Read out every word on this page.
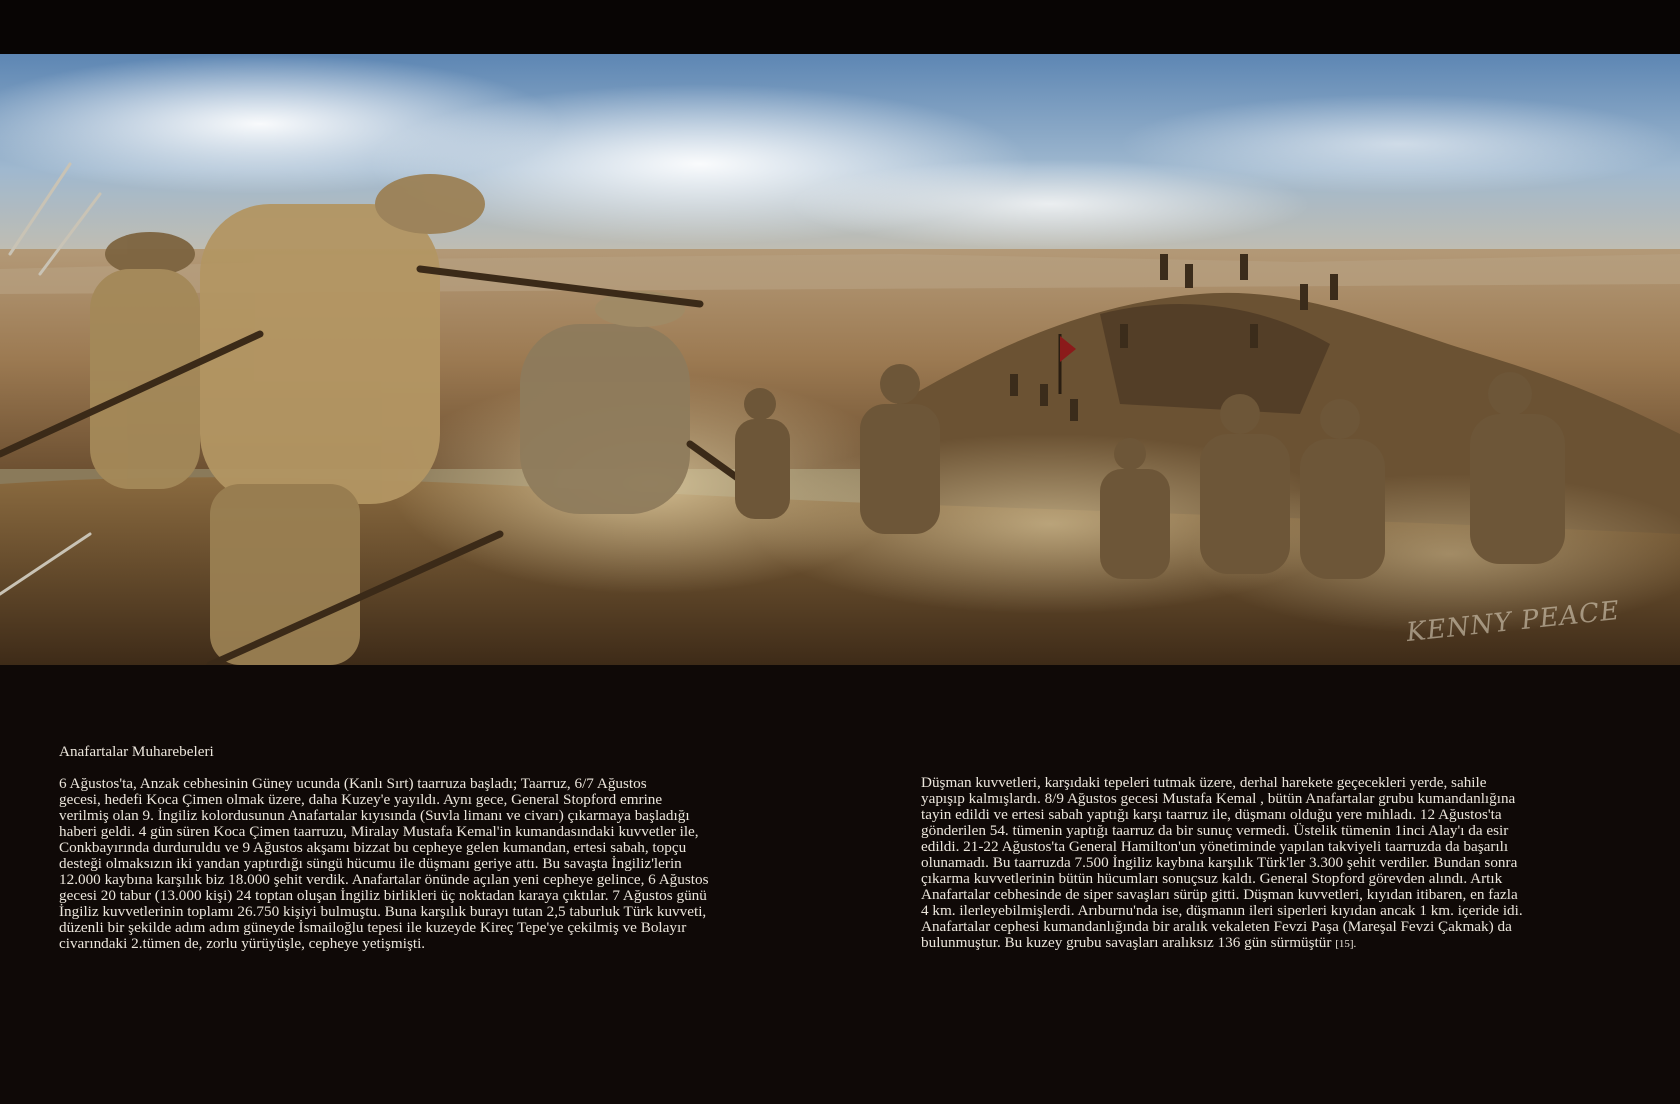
KENNY PEACE
Anafartalar Muharebeleri

6 Ağustos'ta, Anzak cebhesinin Güney ucunda (Kanlı Sırt) taarruza başladı; Taarruz, 6/7 Ağustos
gecesi, hedefi Koca Çimen olmak üzere, daha Kuzey'e yayıldı. Aynı gece, General Stopford emrine
verilmiş olan 9. İngiliz kolordusunun Anafartalar kıyısında (Suvla limanı ve civarı) çıkarmaya başladığı
haberi geldi. 4 gün süren Koca Çimen taarruzu, Miralay Mustafa Kemal'in kumandasındaki kuvvetler ile,
Conkbayırında durduruldu ve 9 Ağustos akşamı bizzat bu cepheye gelen kumandan, ertesi sabah, topçu
desteği olmaksızın iki yandan yaptırdığı süngü hücumu ile düşmanı geriye attı. Bu savaşta İngiliz'lerin
12.000 kaybına karşılık biz 18.000 şehit verdik. Anafartalar önünde açılan yeni cepheye gelince, 6 Ağustos
gecesi 20 tabur (13.000 kişi) 24 toptan oluşan İngiliz birlikleri üç noktadan karaya çıktılar. 7 Ağustos günü
İngiliz kuvvetlerinin toplamı 26.750 kişiyi bulmuştu. Buna karşılık burayı tutan 2,5 taburluk Türk kuvveti,
düzenli bir şekilde adım adım güneyde İsmailoğlu tepesi ile kuzeyde Kireç Tepe'ye çekilmiş ve Bolayır
civarındaki 2.tümen de, zorlu yürüyüşle, cepheye yetişmişti.

Düşman kuvvetleri, karşıdaki tepeleri tutmak üzere, derhal harekete geçecekleri yerde, sahile
yapışıp kalmışlardı. 8/9 Ağustos gecesi Mustafa Kemal , bütün Anafartalar grubu kumandanlığına
tayin edildi ve ertesi sabah yaptığı karşı taarruz ile, düşmanı olduğu yere mıhladı. 12 Ağustos'ta
gönderilen 54. tümenin yaptığı taarruz da bir sunuç vermedi. Üstelik tümenin 1inci Alay'ı da esir
edildi. 21-22 Ağustos'ta General Hamilton'un yönetiminde yapılan takviyeli taarruzda da başarılı
olunamadı. Bu taarruzda 7.500 İngiliz kaybına karşılık Türk'ler 3.300 şehit verdiler. Bundan sonra
çıkarma kuvvetlerinin bütün hücumları sonuçsuz kaldı. General Stopford görevden alındı. Artık
Anafartalar cebhesinde de siper savaşları sürüp gitti. Düşman kuvvetleri, kıyıdan itibaren, en fazla
4 km. ilerleyebilmişlerdi. Arıburnu'nda ise, düşmanın ileri siperleri kıyıdan ancak 1 km. içeride idi.
Anafartalar cephesi kumandanlığında bir aralık vekaleten Fevzi Paşa (Mareşal Fevzi Çakmak) da
bulunmuştur. Bu kuzey grubu savaşları aralıksız 136 gün sürmüştür [15].
